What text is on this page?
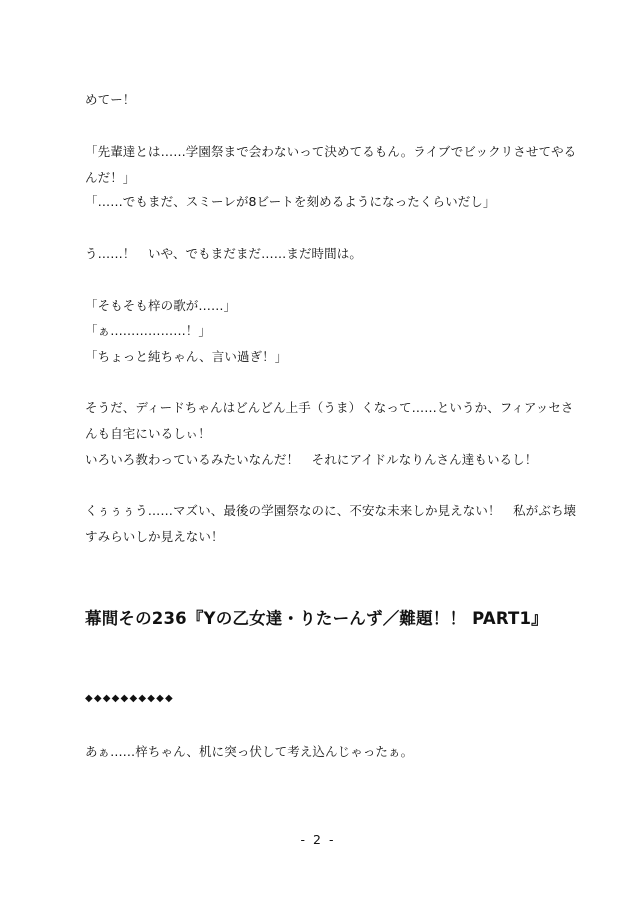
めてー！
「先輩達とは……学園祭まで会わないって決めてるもん。ライブでビックリさせてやる
んだ！」
「……でもまだ、スミーレが8ビートを刻めるようになったくらいだし」
う……！　いや、でもまだまだ……まだ時間は。
「そもそも梓の歌が……」
「ぁ………………！」
「ちょっと純ちゃん、言い過ぎ！」
そうだ、ディードちゃんはどんどん上手（うま）くなって……というか、フィアッセさ
んも自宅にいるしぃ！
いろいろ教わっているみたいなんだ！　それにアイドルなりんさん達もいるし！
くぅぅぅう……マズい、最後の学園祭なのに、不安な未来しか見えない！　私がぶち壊
すみらいしか見えない！
幕間その236『Yの乙女達・りたーんず／難題！！ PART1』
◆◆◆◆◆◆◆◆◆◆
あぁ……梓ちゃん、机に突っ伏して考え込んじゃったぁ。
- 2 -
